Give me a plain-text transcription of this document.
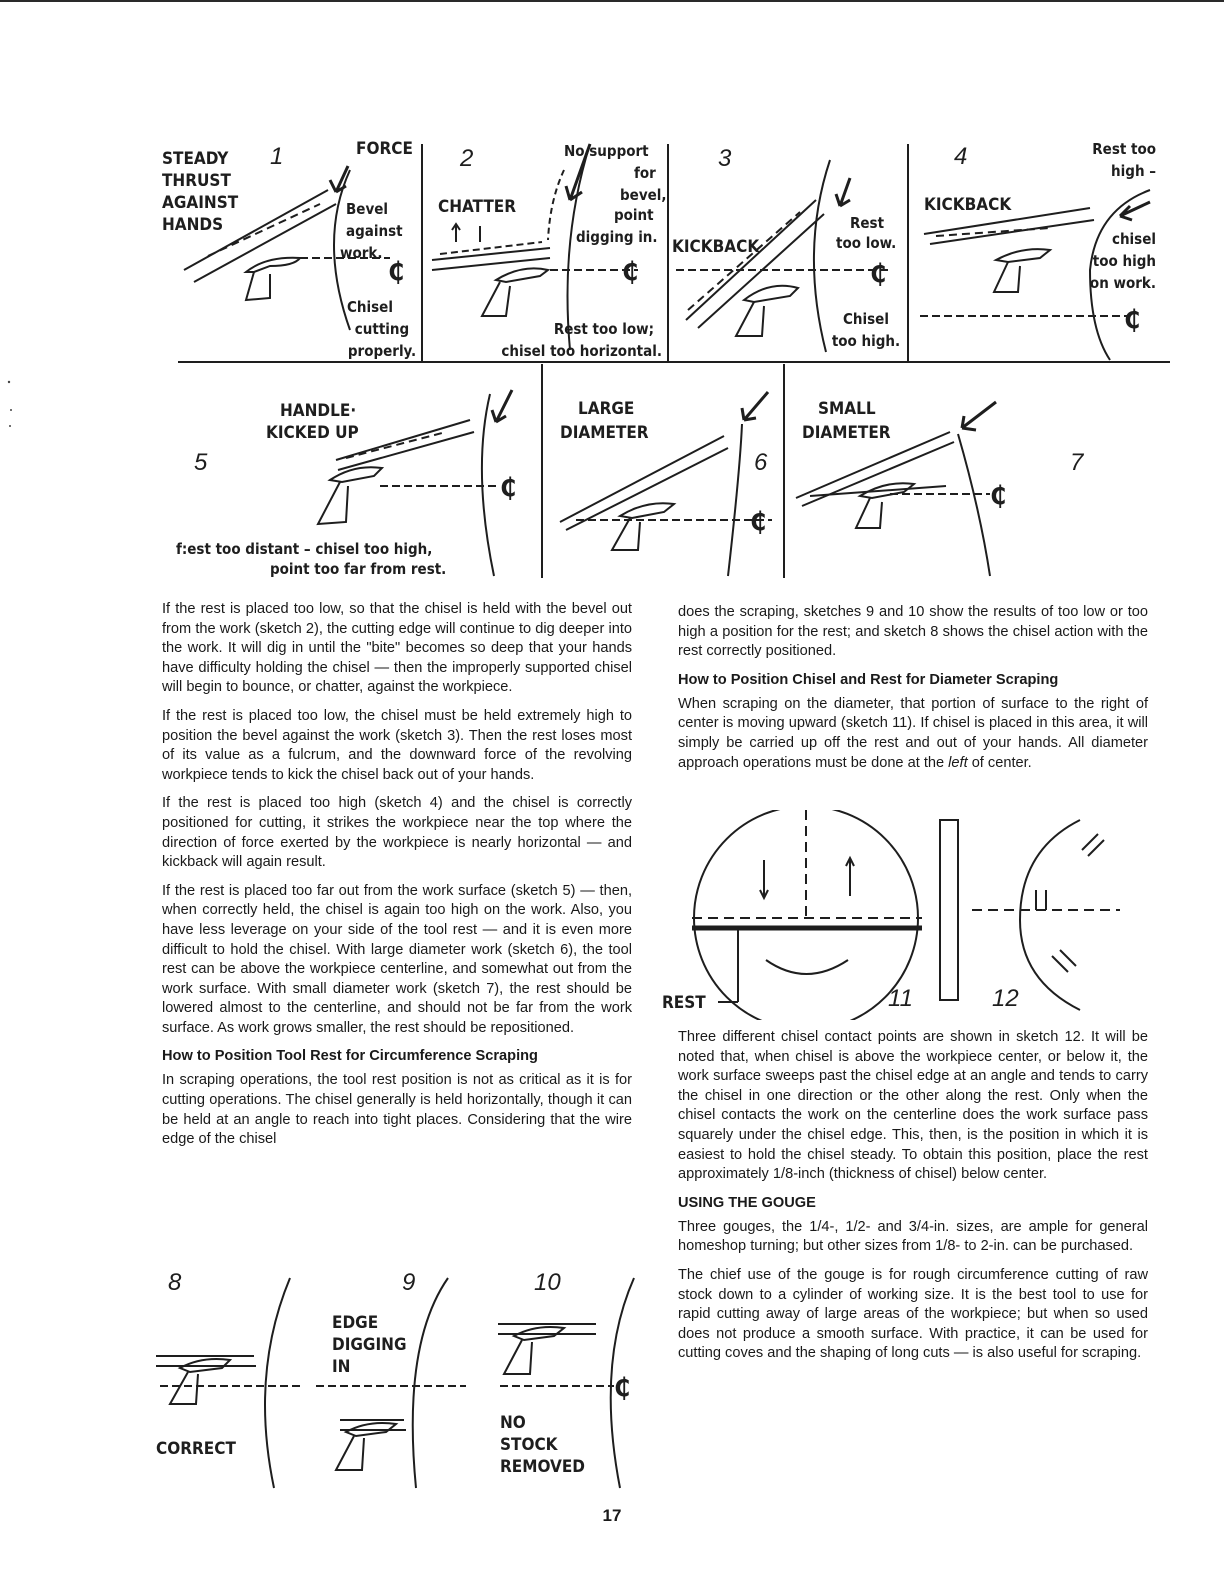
STEADY
THRUST
AGAINST
HANDS
1	FORCE
Bevel
against
work.
₵
Chisel
cutting
properly.
2	No support
for
bevel,
point
digging in.
CHATTER
₵
Rest too low;
chisel too horizontal.
3
KICKBACK
Rest
too low.
₵
Chisel
too high.
4
KICKBACK
Rest too
high –
chisel
too high
on work.
₵
5
HANDLE·
KICKED UP
₵
f:est too distant – chisel too high,
point too far from rest.
LARGE
DIAMETER
6
₵
SMALL
DIAMETER
7
₵

If the rest is placed too low, so that the chisel is held with the bevel out from the work (sketch 2), the cutting edge will continue to dig deeper into the work. It will dig in until the "bite" becomes so deep that your hands have difficulty holding the chisel — then the improperly supported chisel will begin to bounce, or chatter, against the workpiece.

If the rest is placed too low, the chisel must be held extremely high to position the bevel against the work (sketch 3). Then the rest loses most of its value as a fulcrum, and the downward force of the revolving workpiece tends to kick the chisel back out of your hands.

If the rest is placed too high (sketch 4) and the chisel is correctly positioned for cutting, it strikes the workpiece near the top where the direction of force exerted by the workpiece is nearly horizontal — and kickback will again result.

If the rest is placed too far out from the work surface (sketch 5) — then, when correctly held, the chisel is again too high on the work. Also, you have less leverage on your side of the tool rest — and it is even more difficult to hold the chisel. With large diameter work (sketch 6), the tool rest can be above the workpiece centerline, and somewhat out from the work surface. With small diameter work (sketch 7), the rest should be lowered almost to the centerline, and should not be far from the work surface. As work grows smaller, the rest should be repositioned.

How to Position Tool Rest for Circumference Scraping

In scraping operations, the tool rest position is not as critical as it is for cutting operations. The chisel generally is held horizontally, though it can be held at an angle to reach into tight places. Considering that the wire edge of the chisel

does the scraping, sketches 9 and 10 show the results of too low or too high a position for the rest; and sketch 8 shows the chisel action with the rest correctly positioned.

How to Position Chisel and Rest for Diameter Scraping

When scraping on the diameter, that portion of surface to the right of center is moving upward (sketch 11). If chisel is placed in this area, it will simply be carried up off the rest and out of your hands. All diameter approach operations must be done at the left of center.

REST	11	12

Three different chisel contact points are shown in sketch 12. It will be noted that, when chisel is above the workpiece center, or below it, the work surface sweeps past the chisel edge at an angle and tends to carry the chisel in one direction or the other along the rest. Only when the chisel contacts the work on the centerline does the work surface pass squarely under the chisel edge. This, then, is the position in which it is easiest to hold the chisel steady. To obtain this position, place the rest approximately 1/8-inch (thickness of chisel) below center.

USING THE GOUGE

Three gouges, the 1/4-, 1/2- and 3/4-in. sizes, are ample for general homeshop turning; but other sizes from 1/8- to 2-in. can be purchased.

The chief use of the gouge is for rough circumference cutting of raw stock down to a cylinder of working size. It is the best tool to use for rapid cutting away of large areas of the workpiece; but when so used does not produce a smooth surface. With practice, it can be used for cutting coves and the shaping of long cuts — is also useful for scraping.

8	9	10
CORRECT
EDGE
DIGGING
IN
NO
STOCK
REMOVED
₵
17
